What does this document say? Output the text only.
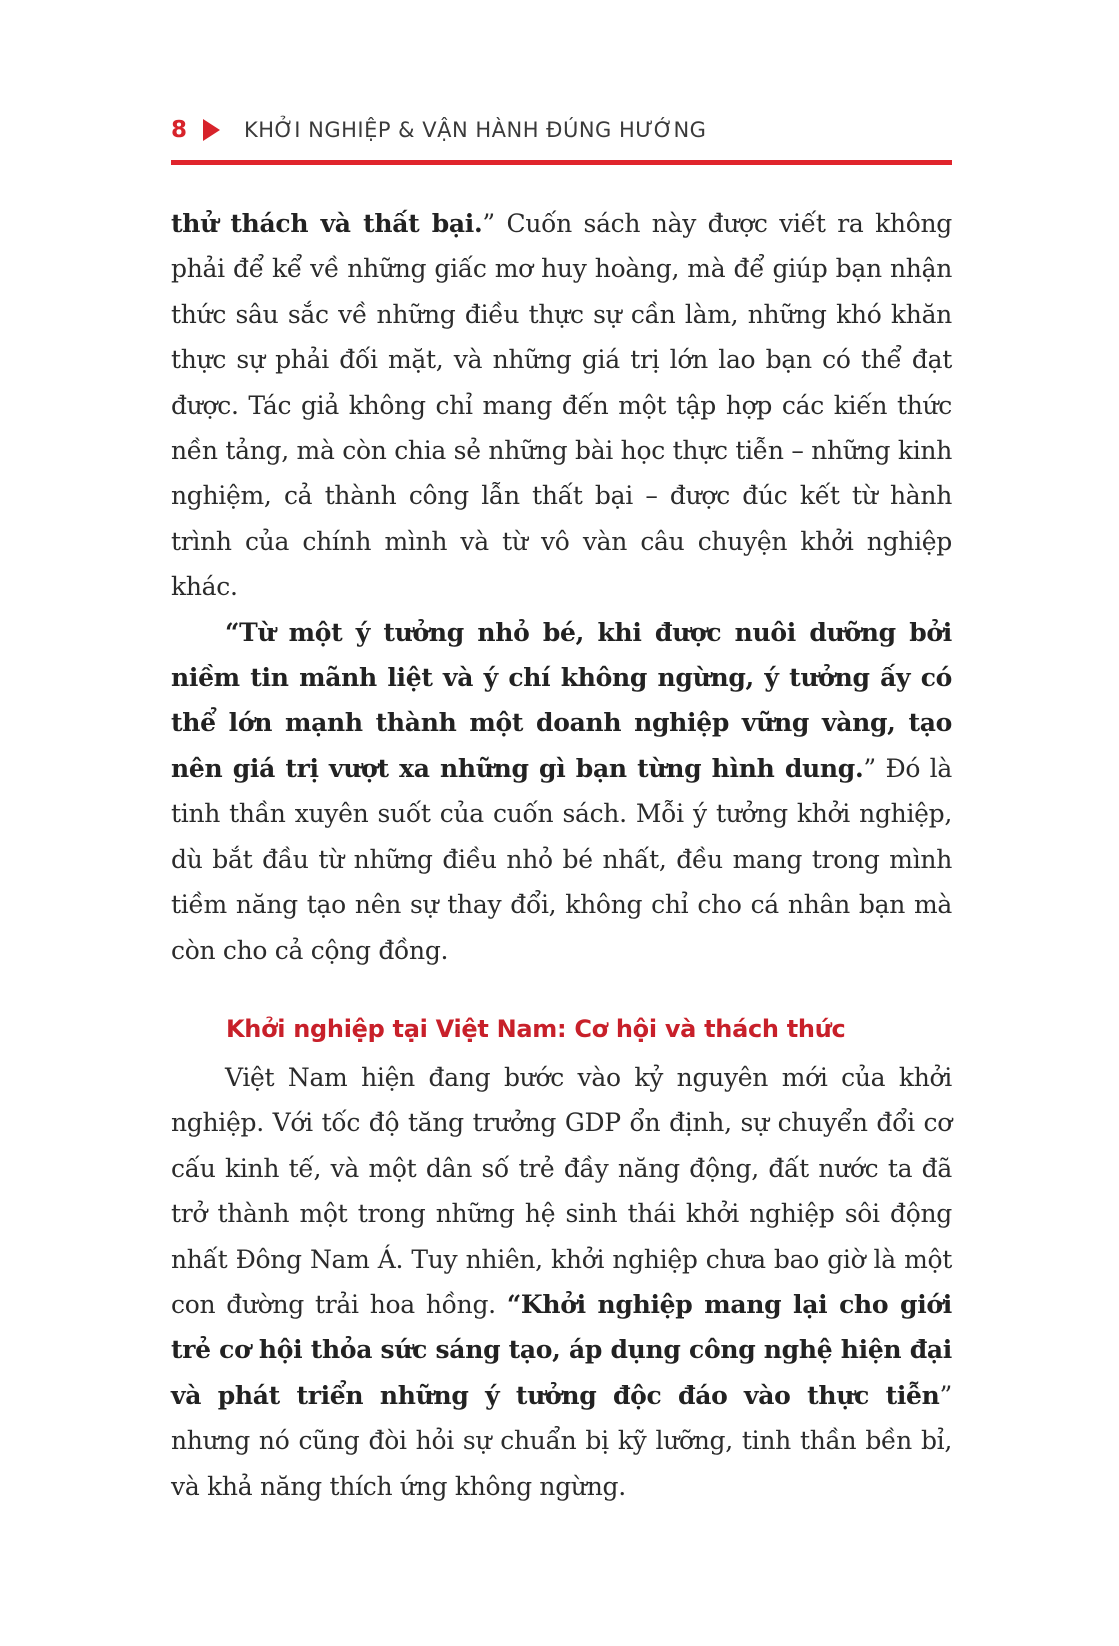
8	KHỞI NGHIỆP & VẬN HÀNH ĐÚNG HƯỚNG

thử thách và thất bại.” Cuốn sách này được viết ra không phải để kể về những giấc mơ huy hoàng, mà để giúp bạn nhận thức sâu sắc về những điều thực sự cần làm, những khó khăn thực sự phải đối mặt, và những giá trị lớn lao bạn có thể đạt được. Tác giả không chỉ mang đến một tập hợp các kiến thức nền tảng, mà còn chia sẻ những bài học thực tiễn – những kinh nghiệm, cả thành công lẫn thất bại – được đúc kết từ hành trình của chính mình và từ vô vàn câu chuyện khởi nghiệp khác.

“Từ một ý tưởng nhỏ bé, khi được nuôi dưỡng bởi niềm tin mãnh liệt và ý chí không ngừng, ý tưởng ấy có thể lớn mạnh thành một doanh nghiệp vững vàng, tạo nên giá trị vượt xa những gì bạn từng hình dung.” Đó là tinh thần xuyên suốt của cuốn sách. Mỗi ý tưởng khởi nghiệp, dù bắt đầu từ những điều nhỏ bé nhất, đều mang trong mình tiềm năng tạo nên sự thay đổi, không chỉ cho cá nhân bạn mà còn cho cả cộng đồng.

Khởi nghiệp tại Việt Nam: Cơ hội và thách thức

Việt Nam hiện đang bước vào kỷ nguyên mới của khởi nghiệp. Với tốc độ tăng trưởng GDP ổn định, sự chuyển đổi cơ cấu kinh tế, và một dân số trẻ đầy năng động, đất nước ta đã trở thành một trong những hệ sinh thái khởi nghiệp sôi động nhất Đông Nam Á. Tuy nhiên, khởi nghiệp chưa bao giờ là một con đường trải hoa hồng. “Khởi nghiệp mang lại cho giới trẻ cơ hội thỏa sức sáng tạo, áp dụng công nghệ hiện đại và phát triển những ý tưởng độc đáo vào thực tiễn” nhưng nó cũng đòi hỏi sự chuẩn bị kỹ lưỡng, tinh thần bền bỉ, và khả năng thích ứng không ngừng.
